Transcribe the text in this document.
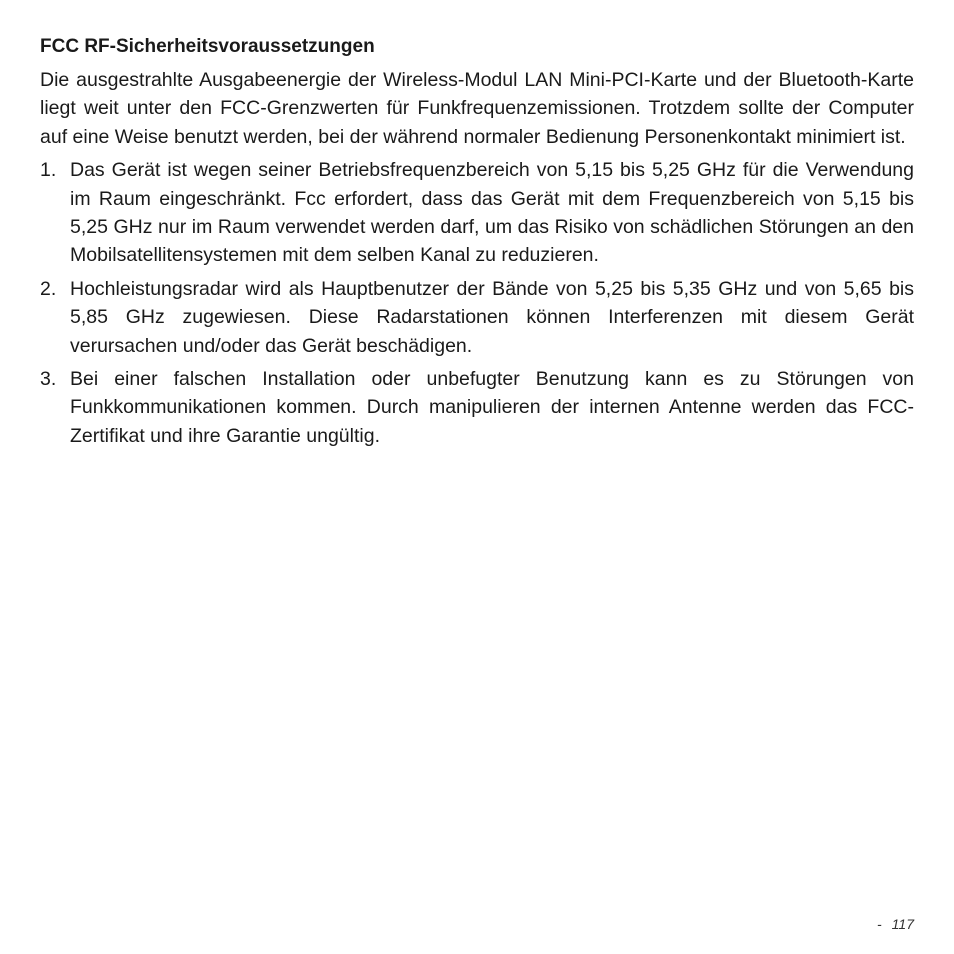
FCC RF-Sicherheitsvoraussetzungen

Die ausgestrahlte Ausgabeenergie der Wireless-Modul LAN Mini-PCI-Karte und der Bluetooth-Karte liegt weit unter den FCC-Grenzwerten für Funkfrequenzemissionen. Trotzdem sollte der Computer auf eine Weise benutzt werden, bei der während normaler Bedienung Personenkontakt minimiert ist.

1. Das Gerät ist wegen seiner Betriebsfrequenzbereich von 5,15 bis 5,25 GHz für die Verwendung im Raum eingeschränkt. Fcc erfordert, dass das Gerät mit dem Frequenzbereich von 5,15 bis 5,25 GHz nur im Raum verwendet werden darf, um das Risiko von schädlichen Störungen an den Mobilsatellitensystemen mit dem selben Kanal zu reduzieren.
2. Hochleistungsradar wird als Hauptbenutzer der Bände von 5,25 bis 5,35 GHz und von 5,65 bis 5,85 GHz zugewiesen. Diese Radarstationen können Interferenzen mit diesem Gerät verursachen und/oder das Gerät beschädigen.
3. Bei einer falschen Installation oder unbefugter Benutzung kann es zu Störungen von Funkkommunikationen kommen. Durch manipulieren der internen Antenne werden das FCC-Zertifikat und ihre Garantie ungültig.
- 117
